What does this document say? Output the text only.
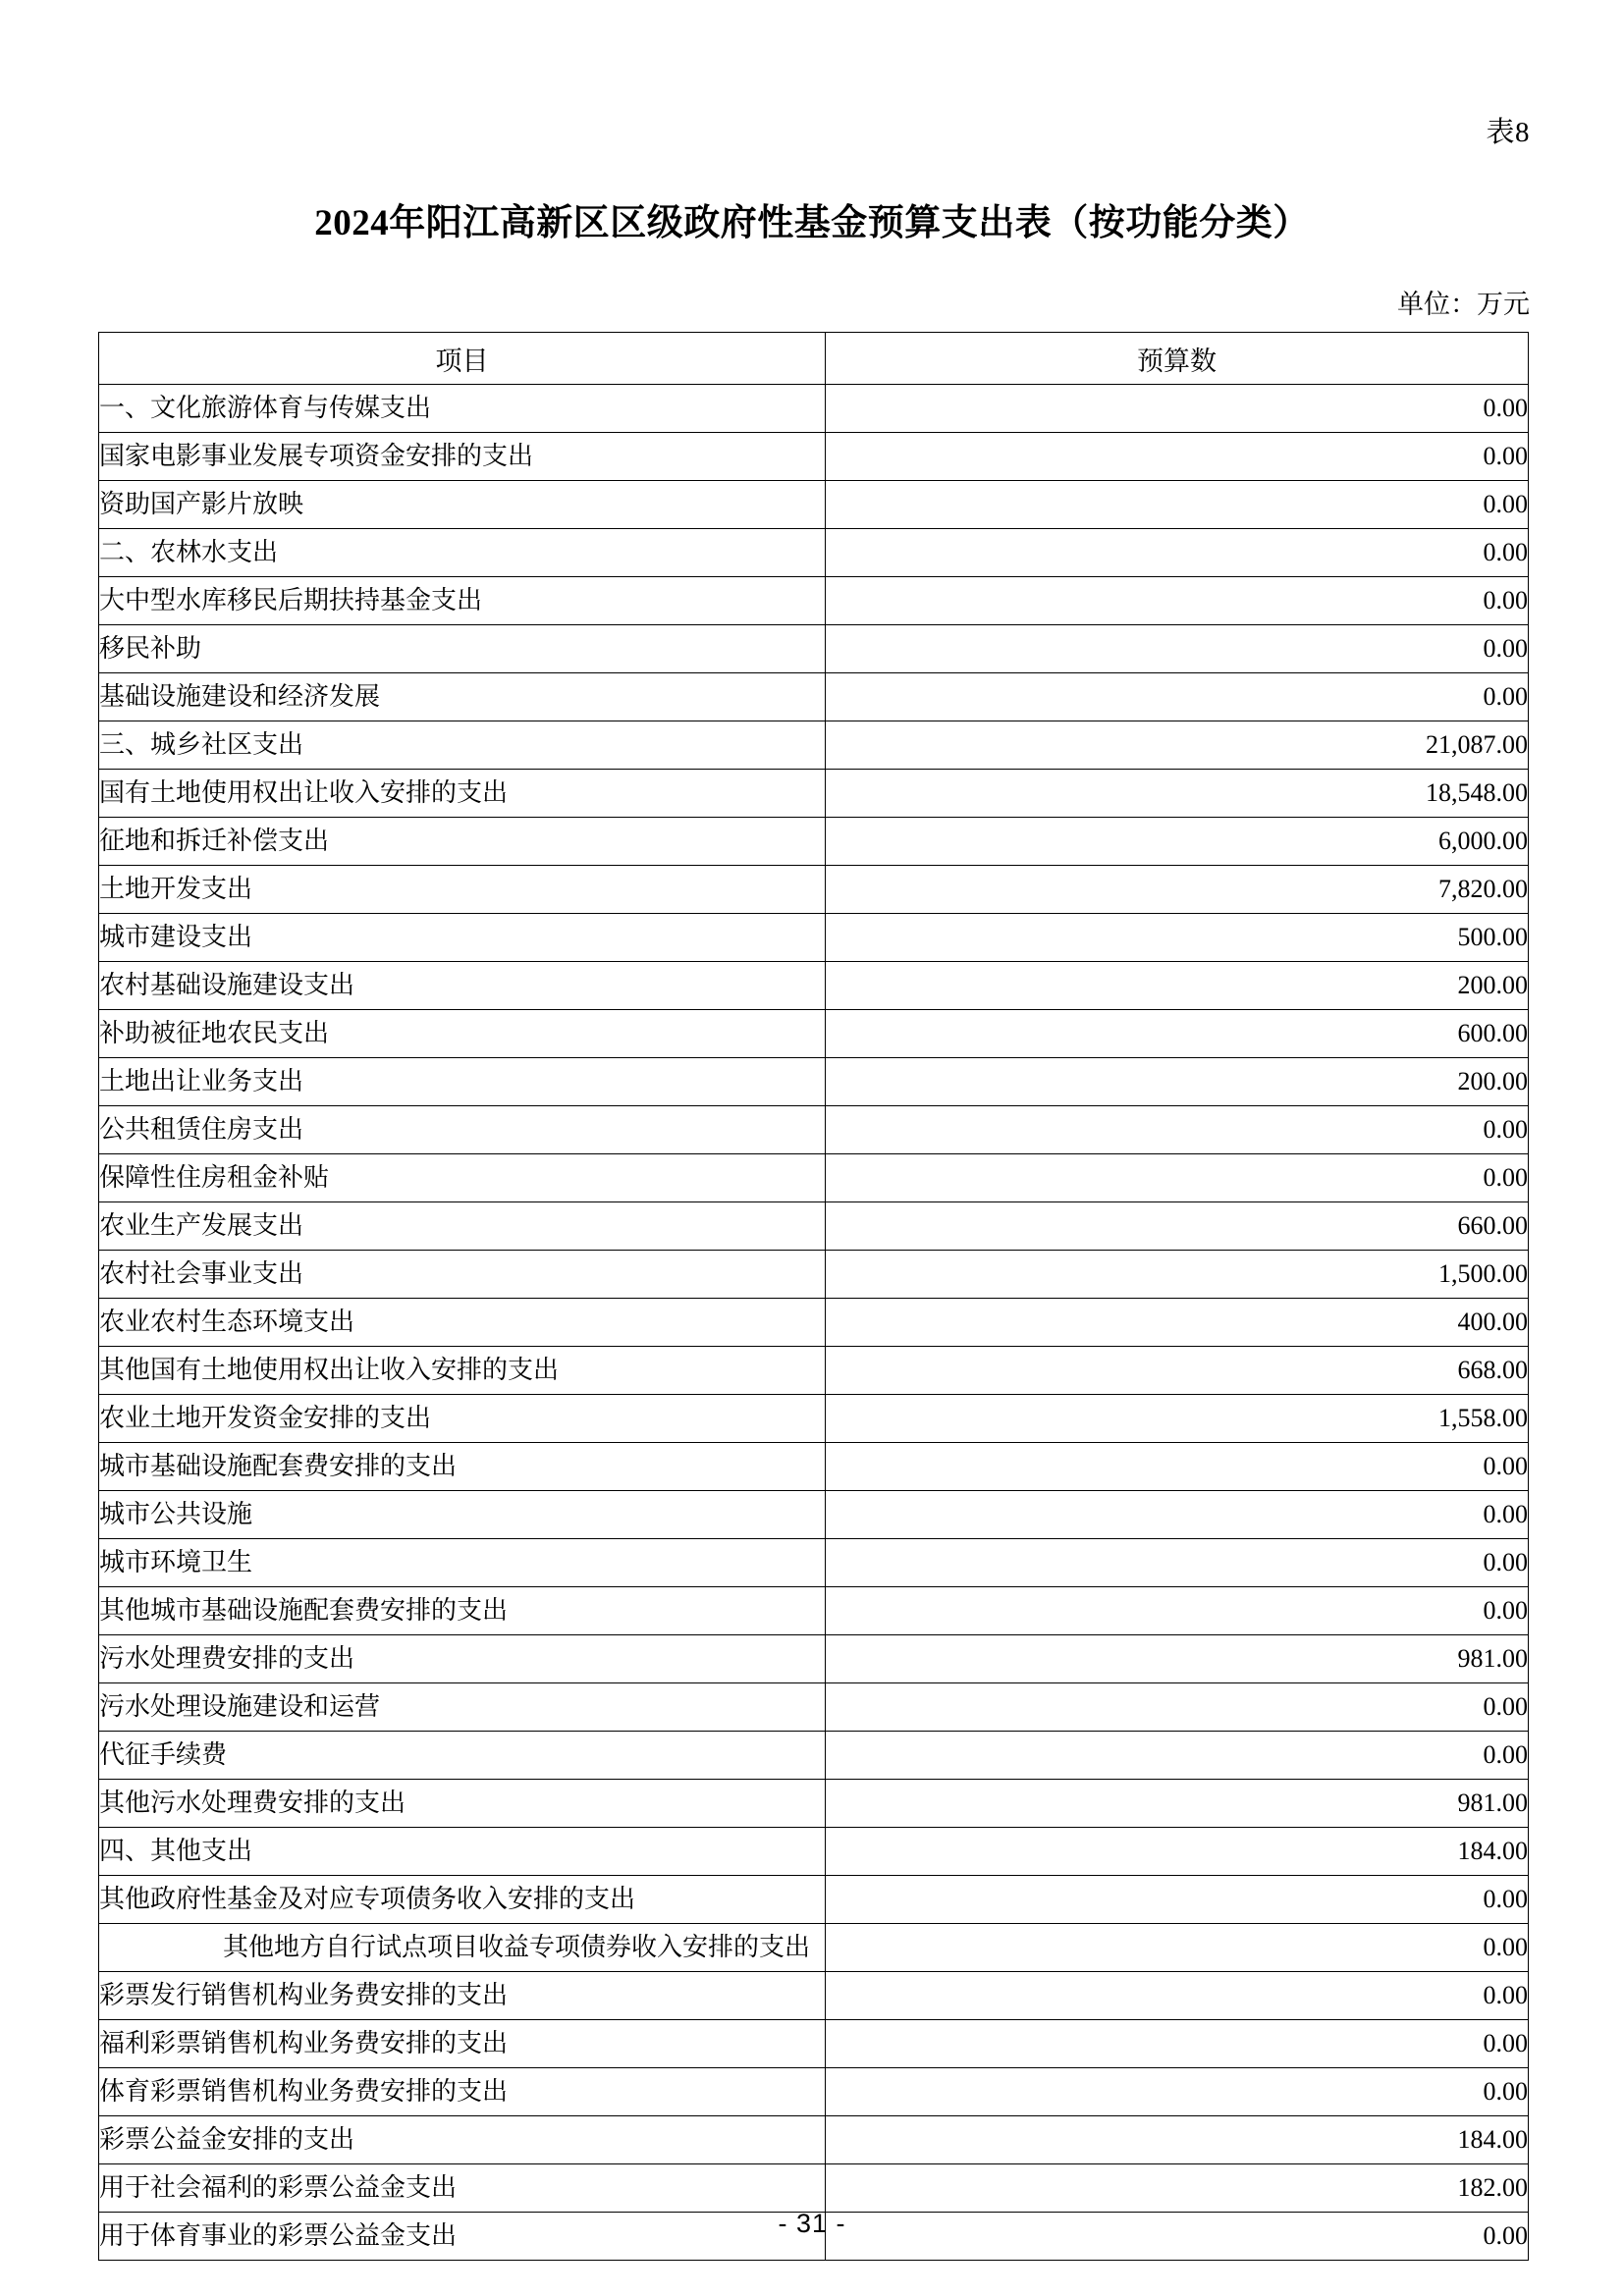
表8
2024年阳江高新区区级政府性基金预算支出表（按功能分类）
单位：万元
项目	预算数
一、文化旅游体育与传媒支出	0.00
国家电影事业发展专项资金安排的支出	0.00
资助国产影片放映	0.00
二、农林水支出	0.00
大中型水库移民后期扶持基金支出	0.00
移民补助	0.00
基础设施建设和经济发展	0.00
三、城乡社区支出	21,087.00
国有土地使用权出让收入安排的支出	18,548.00
征地和拆迁补偿支出	6,000.00
土地开发支出	7,820.00
城市建设支出	500.00
农村基础设施建设支出	200.00
补助被征地农民支出	600.00
土地出让业务支出	200.00
公共租赁住房支出	0.00
保障性住房租金补贴	0.00
农业生产发展支出	660.00
农村社会事业支出	1,500.00
农业农村生态环境支出	400.00
其他国有土地使用权出让收入安排的支出	668.00
农业土地开发资金安排的支出	1,558.00
城市基础设施配套费安排的支出	0.00
城市公共设施	0.00
城市环境卫生	0.00
其他城市基础设施配套费安排的支出	0.00
污水处理费安排的支出	981.00
污水处理设施建设和运营	0.00
代征手续费	0.00
其他污水处理费安排的支出	981.00
四、其他支出	184.00
其他政府性基金及对应专项债务收入安排的支出	0.00
其他地方自行试点项目收益专项债券收入安排的支出	0.00
彩票发行销售机构业务费安排的支出	0.00
福利彩票销售机构业务费安排的支出	0.00
体育彩票销售机构业务费安排的支出	0.00
彩票公益金安排的支出	184.00
用于社会福利的彩票公益金支出	182.00
用于体育事业的彩票公益金支出	0.00
- 31 -
